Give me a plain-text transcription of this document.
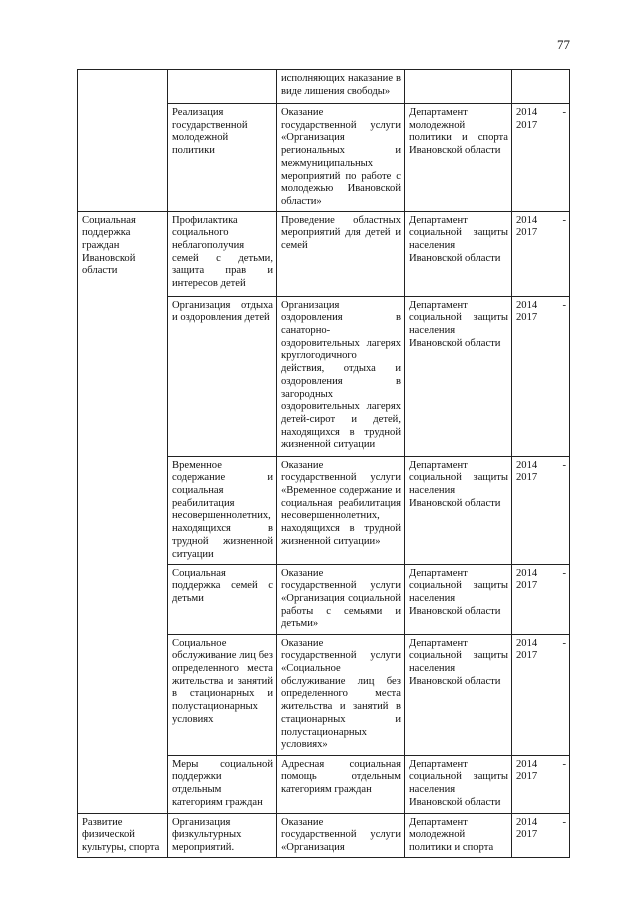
77

		исполняющих наказание в виде лишения свободы»		

	Реализация государственной молодежной политики	Оказание государственной услуги «Организация региональных и межмуниципальных мероприятий по работе с молодежью Ивановской области»	Департамент молодежной политики и спорта Ивановской области	2014 - 2017

Социальная поддержка граждан Ивановской области	Профилактика социального неблагополучия семей с детьми, защита прав и интересов детей	Проведение областных мероприятий для детей и семей	Департамент социальной защиты населения Ивановской области	2014 - 2017

	Организация отдыха и оздоровления детей	Организация оздоровления в санаторно-оздоровительных лагерях круглогодичного действия, отдыха и оздоровления в загородных оздоровительных лагерях детей-сирот и детей, находящихся в трудной жизненной ситуации	Департамент социальной защиты населения Ивановской области	2014 - 2017

	Временное содержание и социальная реабилитация несовершеннолетних, находящихся в трудной жизненной ситуации	Оказание государственной услуги «Временное содержание и социальная реабилитация несовершеннолетних, находящихся в трудной жизненной ситуации»	Департамент социальной защиты населения Ивановской области	2014 - 2017

	Социальная поддержка семей с детьми	Оказание государственной услуги «Организация социальной работы с семьями и детьми»	Департамент социальной защиты населения Ивановской области	2014 - 2017

	Социальное обслуживание лиц без определенного места жительства и занятий в стационарных и полустационарных условиях	Оказание государственной услуги «Социальное обслуживание лиц без определенного места жительства и занятий в стационарных и полустационарных условиях»	Департамент социальной защиты населения Ивановской области	2014 - 2017

	Меры социальной поддержки отдельным категориям граждан	Адресная социальная помощь отдельным категориям граждан	Департамент социальной защиты населения Ивановской области	2014 - 2017

Развитие физической культуры, спорта	Организация физкультурных мероприятий.	Оказание государственной услуги «Организация	Департамент молодежной политики и спорта	2014 - 2017
